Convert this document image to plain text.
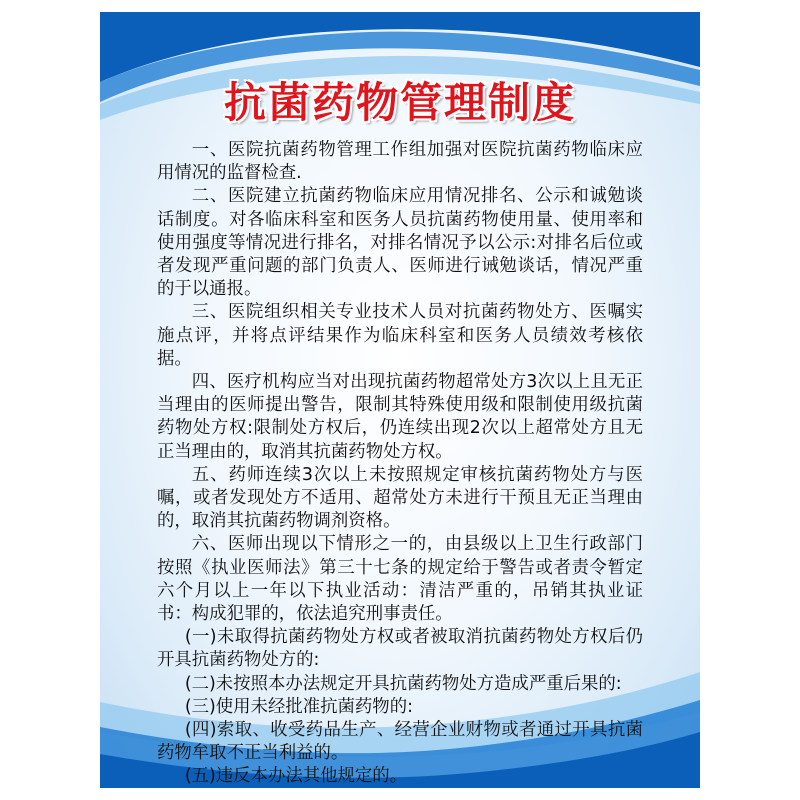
抗菌药物管理制度

一、医院抗菌药物管理工作组加强对医院抗菌药物临床应用情况的监督检查.

二、医院建立抗菌药物临床应用情况排名、公示和诚勉谈话制度。对各临床科室和医务人员抗菌药物使用量、使用率和使用强度等情况进行排名，对排名情况予以公示:对排名后位或者发现严重问题的部门负责人、医师进行诫勉谈话，情况严重的于以通报。

三、医院组织相关专业技术人员对抗菌药物处方、医嘱实施点评，并将点评结果作为临床科室和医务人员绩效考核依据。

四、医疗机构应当对出现抗菌药物超常处方3次以上且无正当理由的医师提出警告，限制其特殊使用级和限制使用级抗菌药物处方权:限制处方权后，仍连续出现2次以上超常处方且无正当理由的，取消其抗菌药物处方权。

五、药师连续3次以上未按照规定审核抗菌药物处方与医嘱，或者发现处方不适用、超常处方未进行干预且无正当理由的，取消其抗菌药物调剂资格。

六、医师出现以下情形之一的，由县级以上卫生行政部门按照《执业医师法》第三十七条的规定给于警告或者责令暂定六个月以上一年以下执业活动：清洁严重的，吊销其执业证书：构成犯罪的，依法追究刑事责任。

(一)未取得抗菌药物处方权或者被取消抗菌药物处方权后仍开具抗菌药物处方的:

(二)未按照本办法规定开具抗菌药物处方造成严重后果的:

(三)使用未经批准抗菌药物的:

(四)索取、收受药品生产、经营企业财物或者通过开具抗菌药物牟取不正当利益的。

(五)违反本办法其他规定的。
